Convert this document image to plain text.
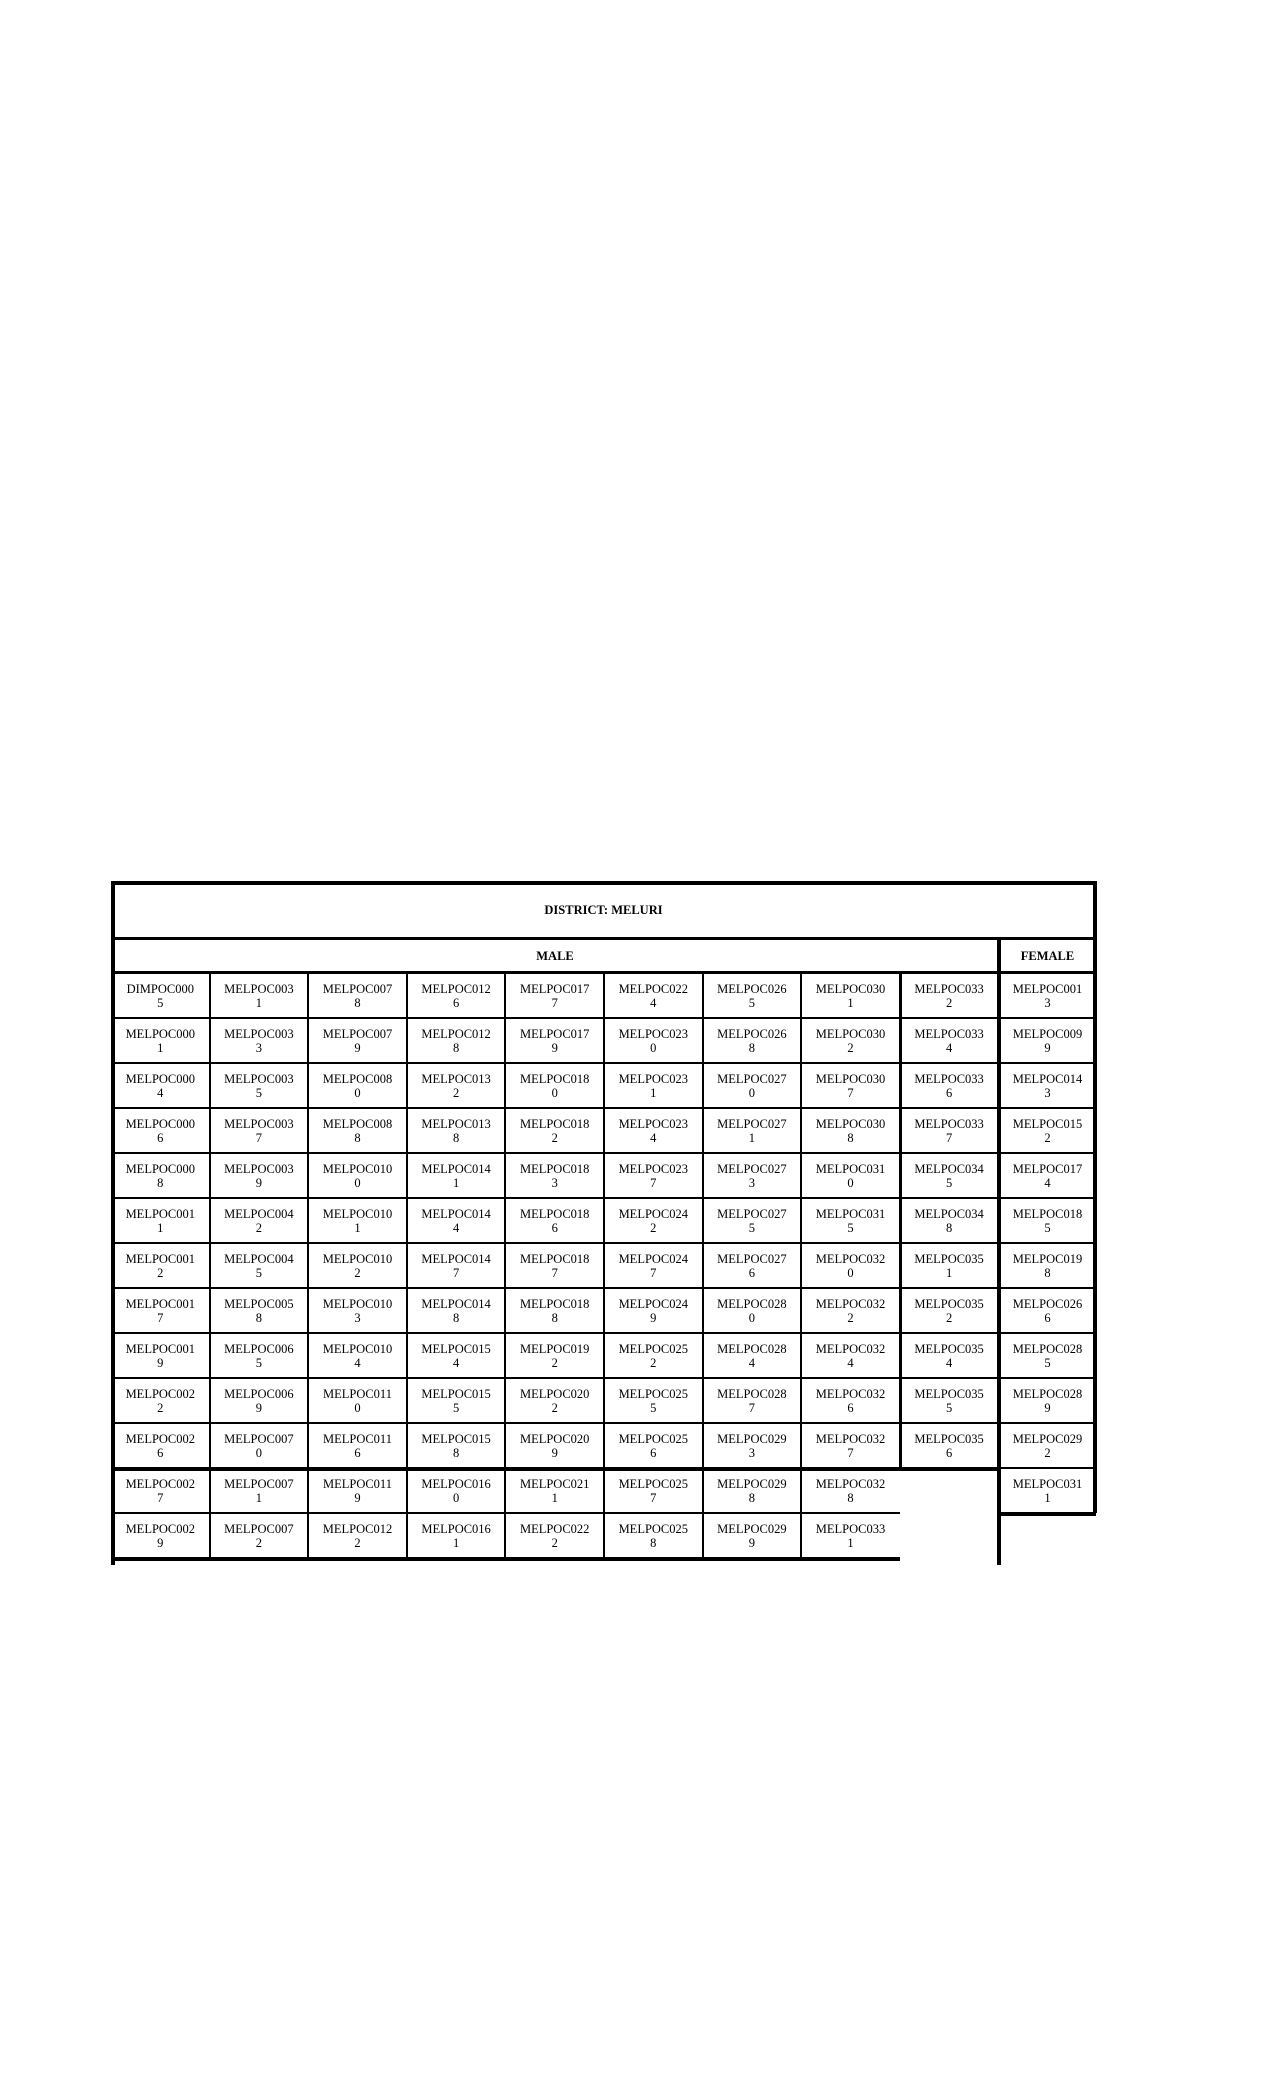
DISTRICT: MELURI
MALE	FEMALE
DIMPOC000
5
MELPOC003
1
MELPOC007
8
MELPOC012
6
MELPOC017
7
MELPOC022
4
MELPOC026
5
MELPOC030
1
MELPOC033
2
MELPOC000
1
MELPOC003
3
MELPOC007
9
MELPOC012
8
MELPOC017
9
MELPOC023
0
MELPOC026
8
MELPOC030
2
MELPOC033
4
MELPOC000
4
MELPOC003
5
MELPOC008
0
MELPOC013
2
MELPOC018
0
MELPOC023
1
MELPOC027
0
MELPOC030
7
MELPOC033
6
MELPOC000
6
MELPOC003
7
MELPOC008
8
MELPOC013
8
MELPOC018
2
MELPOC023
4
MELPOC027
1
MELPOC030
8
MELPOC033
7
MELPOC000
8
MELPOC003
9
MELPOC010
0
MELPOC014
1
MELPOC018
3
MELPOC023
7
MELPOC027
3
MELPOC031
0
MELPOC034
5
MELPOC001
1
MELPOC004
2
MELPOC010
1
MELPOC014
4
MELPOC018
6
MELPOC024
2
MELPOC027
5
MELPOC031
5
MELPOC034
8
MELPOC001
2
MELPOC004
5
MELPOC010
2
MELPOC014
7
MELPOC018
7
MELPOC024
7
MELPOC027
6
MELPOC032
0
MELPOC035
1
MELPOC001
7
MELPOC005
8
MELPOC010
3
MELPOC014
8
MELPOC018
8
MELPOC024
9
MELPOC028
0
MELPOC032
2
MELPOC035
2
MELPOC001
9
MELPOC006
5
MELPOC010
4
MELPOC015
4
MELPOC019
2
MELPOC025
2
MELPOC028
4
MELPOC032
4
MELPOC035
4
MELPOC002
2
MELPOC006
9
MELPOC011
0
MELPOC015
5
MELPOC020
2
MELPOC025
5
MELPOC028
7
MELPOC032
6
MELPOC035
5
MELPOC002
6
MELPOC007
0
MELPOC011
6
MELPOC015
8
MELPOC020
9
MELPOC025
6
MELPOC029
3
MELPOC032
7
MELPOC035
6
MELPOC002
7
MELPOC007
1
MELPOC011
9
MELPOC016
0
MELPOC021
1
MELPOC025
7
MELPOC029
8
MELPOC032
8
MELPOC002
9
MELPOC007
2
MELPOC012
2
MELPOC016
1
MELPOC022
2
MELPOC025
8
MELPOC029
9
MELPOC033
1
MELPOC001
3
MELPOC009
9
MELPOC014
3
MELPOC015
2
MELPOC017
4
MELPOC018
5
MELPOC019
8
MELPOC026
6
MELPOC028
5
MELPOC028
9
MELPOC029
2
MELPOC031
1
